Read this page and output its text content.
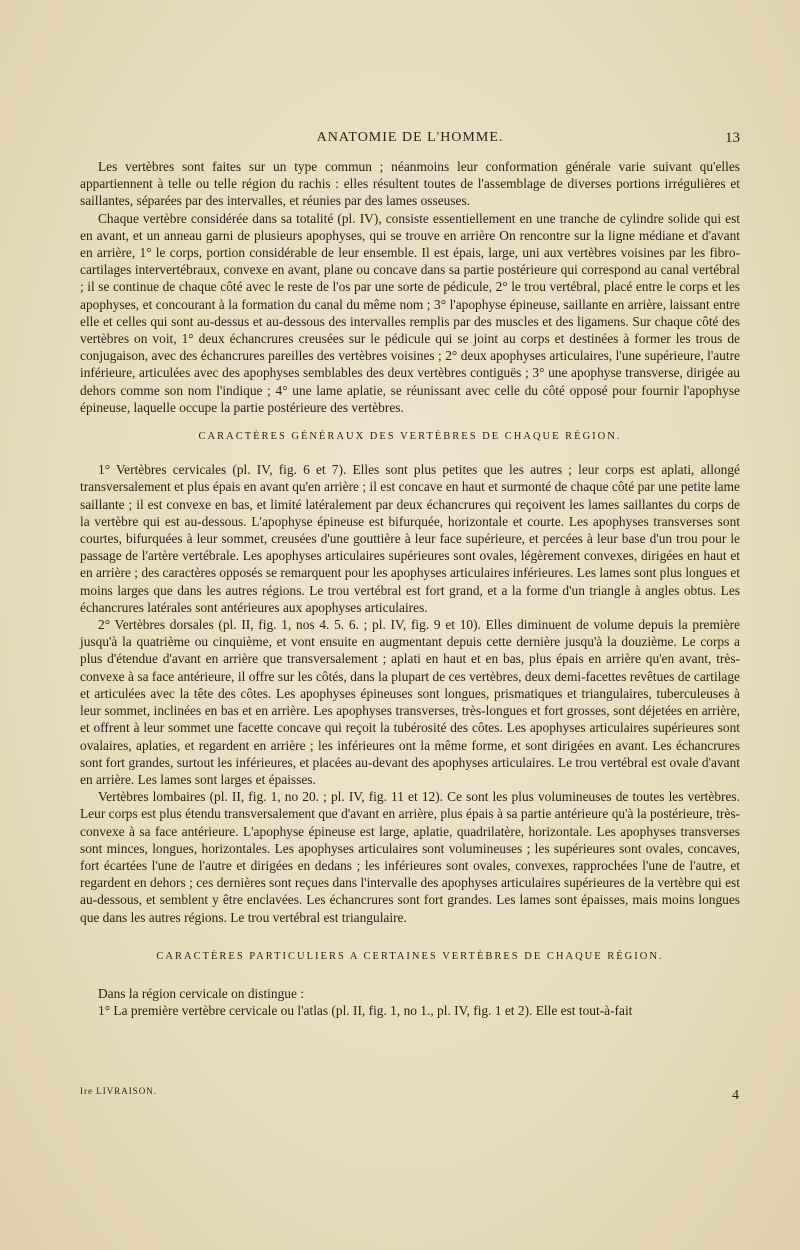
ANATOMIE DE L'HOMME.	13

Les vertèbres sont faites sur un type commun ; néanmoins leur conformation générale varie suivant qu'elles appartiennent à telle ou telle région du rachis : elles résultent toutes de l'assemblage de diverses portions irrégulières et saillantes, séparées par des intervalles, et réunies par des lames osseuses.

Chaque vertèbre considérée dans sa totalité (pl. IV), consiste essentiellement en une tranche de cylindre solide qui est en avant, et un anneau garni de plusieurs apophyses, qui se trouve en arrière On rencontre sur la ligne médiane et d'avant en arrière, 1° le corps, portion considérable de leur ensemble. Il est épais, large, uni aux vertèbres voisines par les fibro-cartilages intervertébraux, convexe en avant, plane ou concave dans sa partie postérieure qui correspond au canal vertébral ; il se continue de chaque côté avec le reste de l'os par une sorte de pédicule, 2° le trou vertébral, placé entre le corps et les apophyses, et concourant à la formation du canal du même nom ; 3° l'apophyse épineuse, saillante en arrière, laissant entre elle et celles qui sont au-dessus et au-dessous des intervalles remplis par des muscles et des ligamens. Sur chaque côté des vertèbres on voit, 1° deux échancrures creusées sur le pédicule qui se joint au corps et destinées à former les trous de conjugaison, avec des échancrures pareilles des vertèbres voisines ; 2° deux apophyses articulaires, l'une supérieure, l'autre inférieure, articulées avec des apophyses semblables des deux vertèbres contiguës ; 3° une apophyse transverse, dirigée au dehors comme son nom l'indique ; 4° une lame aplatie, se réunissant avec celle du côté opposé pour fournir l'apophyse épineuse, laquelle occupe la partie postérieure des vertèbres.

CARACTÈRES GÉNÉRAUX DES VERTÈBRES DE CHAQUE RÉGION.

1° Vertèbres cervicales (pl. IV, fig. 6 et 7). Elles sont plus petites que les autres ; leur corps est aplati, allongé transversalement et plus épais en avant qu'en arrière ; il est concave en haut et surmonté de chaque côté par une petite lame saillante ; il est convexe en bas, et limité latéralement par deux échancrures qui reçoivent les lames saillantes du corps de la vertèbre qui est au-dessous. L'apophyse épineuse est bifurquée, horizontale et courte. Les apophyses transverses sont courtes, bifurquées à leur sommet, creusées d'une gouttière à leur face supérieure, et percées à leur base d'un trou pour le passage de l'artère vertébrale. Les apophyses articulaires supérieures sont ovales, légèrement convexes, dirigées en haut et en arrière ; des caractères opposés se remarquent pour les apophyses articulaires inférieures. Les lames sont plus longues et moins larges que dans les autres régions. Le trou vertébral est fort grand, et a la forme d'un triangle à angles obtus. Les échancrures latérales sont antérieures aux apophyses articulaires.

2° Vertèbres dorsales (pl. II, fig. 1, nos 4. 5. 6. ; pl. IV, fig. 9 et 10). Elles diminuent de volume depuis la première jusqu'à la quatrième ou cinquième, et vont ensuite en augmentant depuis cette dernière jusqu'à la douzième. Le corps a plus d'étendue d'avant en arrière que transversalement ; aplati en haut et en bas, plus épais en arrière qu'en avant, très-convexe à sa face antérieure, il offre sur les côtés, dans la plupart de ces vertèbres, deux demi-facettes revêtues de cartilage et articulées avec la tête des côtes. Les apophyses épineuses sont longues, prismatiques et triangulaires, tuberculeuses à leur sommet, inclinées en bas et en arrière. Les apophyses transverses, très-longues et fort grosses, sont déjetées en arrière, et offrent à leur sommet une facette concave qui reçoit la tubérosité des côtes. Les apophyses articulaires supérieures sont ovalaires, aplaties, et regardent en arrière ; les inférieures ont la même forme, et sont dirigées en avant. Les échancrures sont fort grandes, surtout les inférieures, et placées au-devant des apophyses articulaires. Le trou vertébral est ovale d'avant en arrière. Les lames sont larges et épaisses.

Vertèbres lombaires (pl. II, fig. 1, no 20. ; pl. IV, fig. 11 et 12). Ce sont les plus volumineuses de toutes les vertèbres. Leur corps est plus étendu transversalement que d'avant en arrière, plus épais à sa partie antérieure qu'à la postérieure, très-convexe à sa face antérieure. L'apophyse épineuse est large, aplatie, quadrilatère, horizontale. Les apophyses transverses sont minces, longues, horizontales. Les apophyses articulaires sont volumineuses ; les supérieures sont ovales, concaves, fort écartées l'une de l'autre et dirigées en dedans ; les inférieures sont ovales, convexes, rapprochées l'une de l'autre, et regardent en dehors ; ces dernières sont reçues dans l'intervalle des apophyses articulaires supérieures de la vertèbre qui est au-dessous, et semblent y être enclavées. Les échancrures sont fort grandes. Les lames sont épaisses, mais moins longues que dans les autres régions. Le trou vertébral est triangulaire.

CARACTÈRES PARTICULIERS A CERTAINES VERTÈBRES DE CHAQUE RÉGION.

Dans la région cervicale on distingue :

1° La première vertèbre cervicale ou l'atlas (pl. II, fig. 1, no 1., pl. IV, fig. 1 et 2). Elle est tout-à-fait

Ire LIVRAISON.	4
